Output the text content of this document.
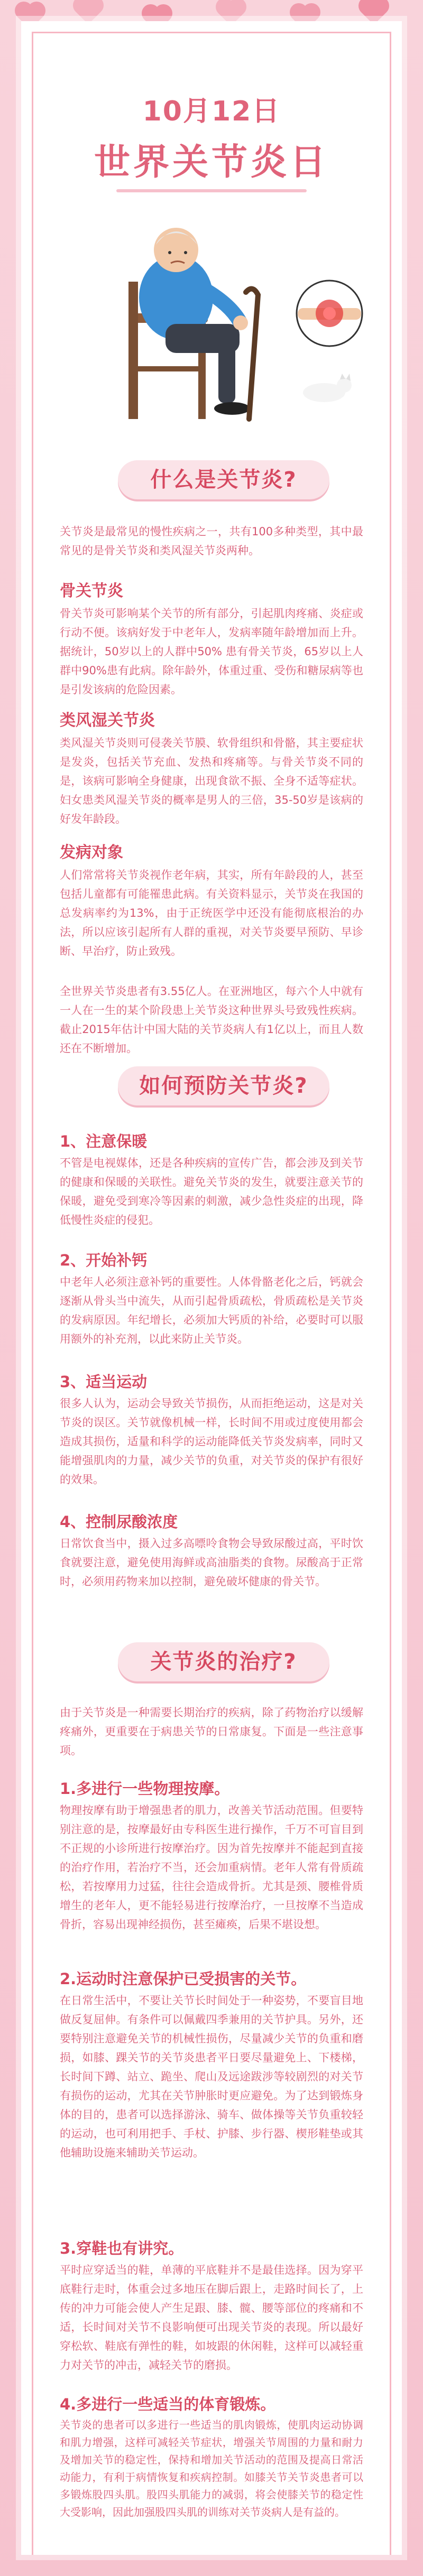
10月12日

世界关节炎日

什么是关节炎?

关节炎是最常见的慢性疾病之一，共有100多种类型，其中最常见的是骨关节炎和类风湿关节炎两种。

骨关节炎

骨关节炎可影响某个关节的所有部分，引起肌肉疼痛、炎症或行动不便。该病好发于中老年人，发病率随年龄增加而上升。据统计，50岁以上的人群中50% 患有骨关节炎，65岁以上人群中90%患有此病。除年龄外，体重过重、受伤和糖尿病等也是引发该病的危险因素。

类风湿关节炎

类风湿关节炎则可侵袭关节膜、软骨组织和骨骼，其主要症状是发炎，包括关节充血、发热和疼痛等。与骨关节炎不同的是，该病可影响全身健康，出现食欲不振、全身不适等症状。妇女患类风湿关节炎的概率是男人的三倍，35-50岁是该病的好发年龄段。

发病对象

人们常常将关节炎视作老年病，其实，所有年龄段的人，甚至包括儿童都有可能罹患此病。有关资料显示，关节炎在我国的总发病率约为13%，由于正统医学中还没有能彻底根治的办法，所以应该引起所有人群的重视，对关节炎要早预防、早诊断、早治疗，防止致残。

全世界关节炎患者有3.55亿人。在亚洲地区，每六个人中就有一人在一生的某个阶段患上关节炎这种世界头号致残性疾病。截止2015年估计中国大陆的关节炎病人有1亿以上，而且人数还在不断增加。

如何预防关节炎?

1、注意保暖

不管是电视媒体，还是各种疾病的宣传广告，都会涉及到关节的健康和保暖的关联性。避免关节炎的发生，就要注意关节的保暖，避免受到寒冷等因素的刺激，减少急性炎症的出现，降低慢性炎症的侵犯。

2、开始补钙

中老年人必须注意补钙的重要性。人体骨骼老化之后，钙就会逐渐从骨头当中流失，从而引起骨质疏松，骨质疏松是关节炎的发病原因。年纪增长，必须加大钙质的补给，必要时可以服用额外的补充剂，以此来防止关节炎。

3、适当运动

很多人认为，运动会导致关节损伤，从而拒绝运动，这是对关节炎的误区。关节就像机械一样，长时间不用或过度使用都会造成其损伤，适量和科学的运动能降低关节炎发病率，同时又能增强肌肉的力量，减少关节的负重，对关节炎的保护有很好的效果。

4、控制尿酸浓度

日常饮食当中，摄入过多高嘌呤食物会导致尿酸过高，平时饮食就要注意，避免使用海鲜或高油脂类的食物。尿酸高于正常时，必须用药物来加以控制，避免破坏健康的骨关节。

关节炎的治疗?

由于关节炎是一种需要长期治疗的疾病，除了药物治疗以缓解疼痛外，更重要在于病患关节的日常康复。下面是一些注意事项。

1.多进行一些物理按摩。

物理按摩有助于增强患者的肌力，改善关节活动范围。但要特别注意的是，按摩最好由专科医生进行操作，千万不可盲目到不正规的小诊所进行按摩治疗。因为首先按摩并不能起到直接的治疗作用，若治疗不当，还会加重病情。老年人常有骨质疏松，若按摩用力过猛，往往会造成骨折。尤其是颈、腰椎骨质增生的老年人，更不能轻易进行按摩治疗，一旦按摩不当造成骨折，容易出现神经损伤，甚至瘫痪，后果不堪设想。

2.运动时注意保护已受损害的关节。

在日常生活中，不要让关节长时间处于一种姿势，不要盲目地做反复屈伸。有条件可以佩戴四季兼用的关节护具。另外，还要特别注意避免关节的机械性损伤，尽量减少关节的负重和磨损，如膝、踝关节的关节炎患者平日要尽量避免上、下楼梯，长时间下蹲、站立、跪坐、爬山及远途跋涉等较剧烈的对关节有损伤的运动，尤其在关节肿胀时更应避免。为了达到锻炼身体的目的，患者可以选择游泳、骑车、做体操等关节负重较轻的运动，也可利用把手、手杖、护膝、步行器、楔形鞋垫或其他辅助设施来辅助关节运动。

3.穿鞋也有讲究。

平时应穿适当的鞋，单薄的平底鞋并不是最佳选择。因为穿平底鞋行走时，体重会过多地压在脚后跟上，走路时间长了，上传的冲力可能会使人产生足跟、膝、髋、腰等部位的疼痛和不适，长时间对关节不良影响便可出现关节炎的表现。所以最好穿松软、鞋底有弹性的鞋，如坡跟的休闲鞋，这样可以减轻重力对关节的冲击，减轻关节的磨损。

4.多进行一些适当的体育锻炼。

关节炎的患者可以多进行一些适当的肌肉锻炼，使肌肉运动协调和肌力增强，这样可减轻关节症状，增强关节周围的力量和耐力及增加关节的稳定性，保持和增加关节活动的范围及提高日常活动能力，有利于病情恢复和疾病控制。如膝关节关节炎患者可以多锻炼股四头肌。股四头肌能力的减弱，将会使膝关节的稳定性大受影响，因此加强股四头肌的训练对关节炎病人是有益的。
